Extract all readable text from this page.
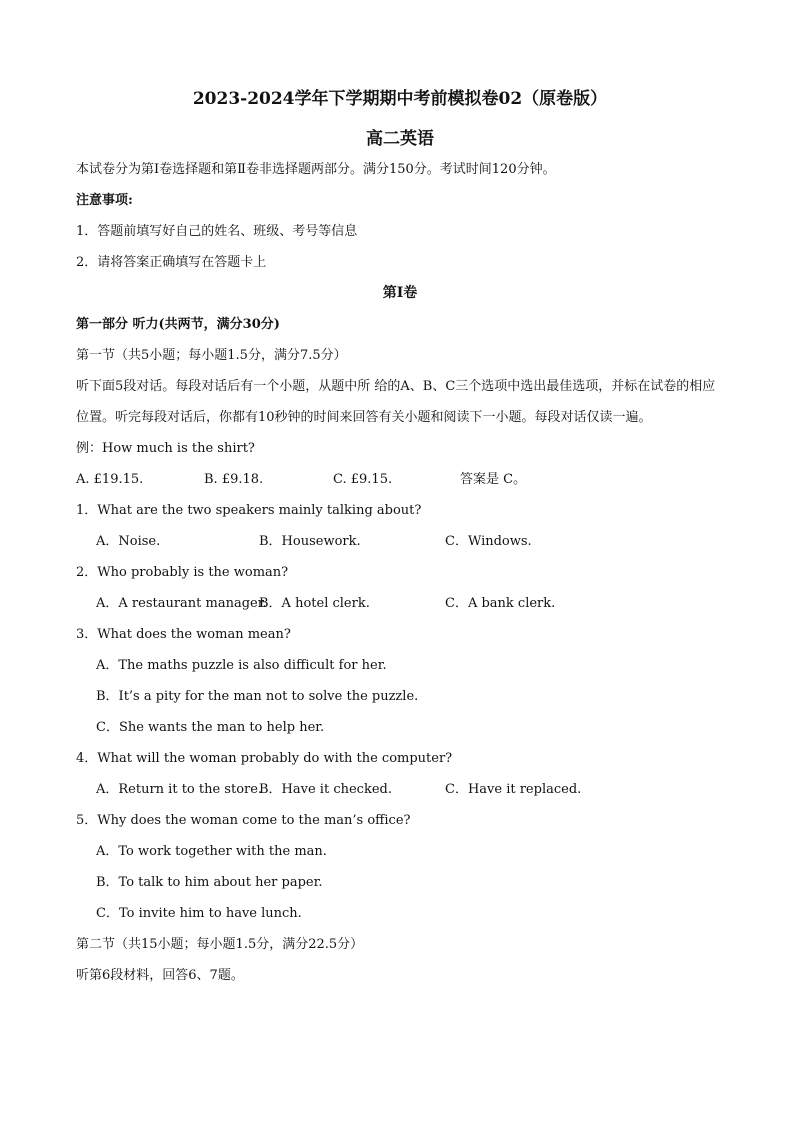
2023-2024学年下学期期中考前模拟卷02（原卷版）
高二英语
本试卷分为第Ⅰ卷选择题和第Ⅱ卷非选择题两部分。满分150分。考试时间120分钟。
注意事项:
1．答题前填写好自己的姓名、班级、考号等信息
2．请将答案正确填写在答题卡上
第I卷
第一部分 听力(共两节，满分30分)
第一节（共5小题；每小题1.5分，满分7.5分）
听下面5段对话。每段对话后有一个小题，从题中所 给的A、B、C三个选项中选出最佳选项，并标在试卷的相应位置。听完每段对话后，你都有10秒钟的时间来回答有关小题和阅读下一小题。每段对话仅读一遍。
例：How much is the shirt?
A. £19.15.	B. £9.18.	C. £9.15.	答案是 C。
1．What are the two speakers mainly talking about?
A．Noise.	B．Housework.	C．Windows.
2．Who probably is the woman?
A．A restaurant manager.
B．A hotel clerk.	C．A bank clerk.
3．What does the woman mean?
A．The maths puzzle is also difficult for her.
B．It’s a pity for the man not to solve the puzzle.
C．She wants the man to help her.
4．What will the woman probably do with the computer?
A．Return it to the store.
B．Have it checked.	C．Have it replaced.
5．Why does the woman come to the man’s office?
A．To work together with the man.
B．To talk to him about her paper.
C．To invite him to have lunch.
第二节（共15小题；每小题1.5分，满分22.5分）
听第6段材料，回答6、7题。
